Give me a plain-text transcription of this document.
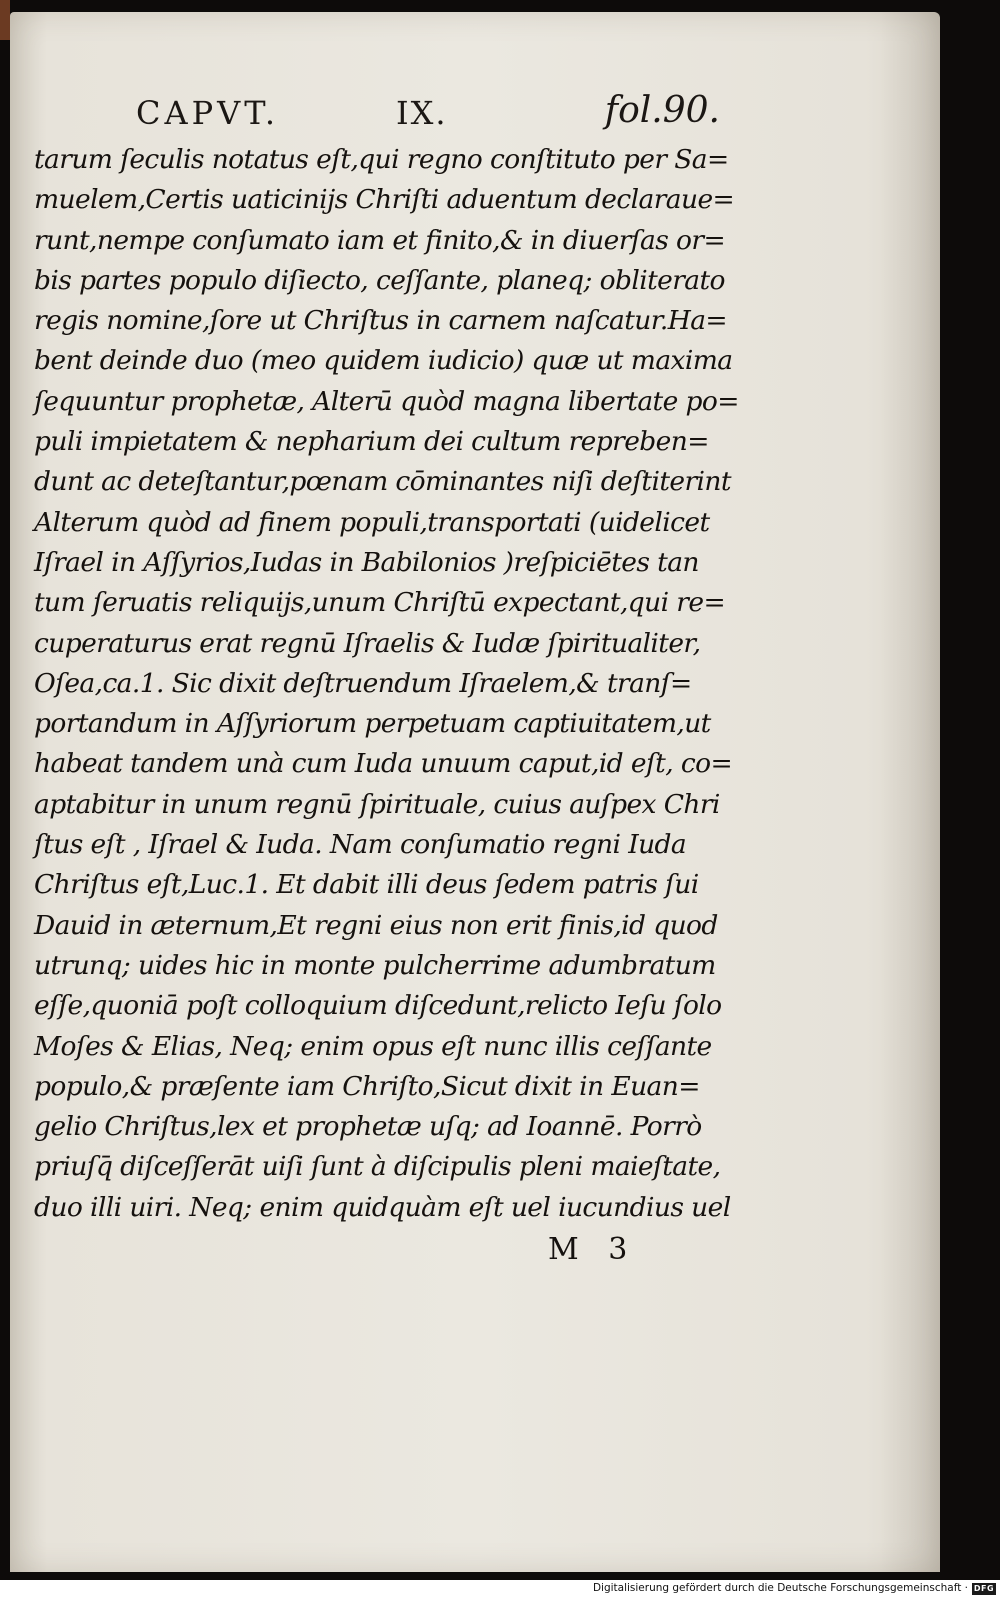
CAPVT.	IX.	fol.90.
tarum ſeculis notatus eſt,qui regno conſtituto per Sa=
muelem,Certis uaticinijs Chriſti aduentum declaraue=
runt,nempe conſumato iam et finito,& in diuerſas or=
bis partes populo diſiecto, ceſſante, planeq; obliterato
regis nomine,ſore ut Chriſtus in carnem naſcatur.Ha=
bent deinde duo (meo quidem iudicio) quæ ut maxima
ſequuntur prophetæ, Alterū quòd magna libertate po=
puli impietatem & nepharium dei cultum repreben=
dunt ac deteſtantur,pœnam cōminantes niſi deſtiterint
Alterum quòd ad finem populi,transportati (uidelicet
Iſrael in Aſſyrios,Iudas in Babilonios )reſpiciētes tan
tum ſeruatis reliquijs,unum Chriſtū expectant,qui re=
cuperaturus erat regnū Iſraelis & Iudæ ſpiritualiter,
Oſea,ca.1. Sic dixit deſtruendum Iſraelem,& tranſ=
portandum in Aſſyriorum perpetuam captiuitatem,ut
habeat tandem unà cum Iuda unuum caput,id eſt, co=
aptabitur in unum regnū ſpirituale, cuius auſpex Chri
ſtus eſt , Iſrael & Iuda. Nam conſumatio regni Iuda
Chriſtus eſt,Luc.1. Et dabit illi deus ſedem patris ſui
Dauid in æternum,Et regni eius non erit finis,id quod
utrunq; uides hic in monte pulcherrime adumbratum
eſſe,quoniā poſt colloquium diſcedunt,relicto Ieſu ſolo
Moſes & Elias, Neq; enim opus eſt nunc illis ceſſante
populo,& præſente iam Chriſto,Sicut dixit in Euan=
gelio Chriſtus,lex et prophetæ uſq; ad Ioannē. Porrò
priuſq̄ diſceſſerāt uiſi ſunt à diſcipulis pleni maieſtate,
duo illi uiri. Neq; enim quidquàm eſt uel iucundius uel
M 3
Digitalisierung gefördert durch die Deutsche Forschungsgemeinschaft · DFG
